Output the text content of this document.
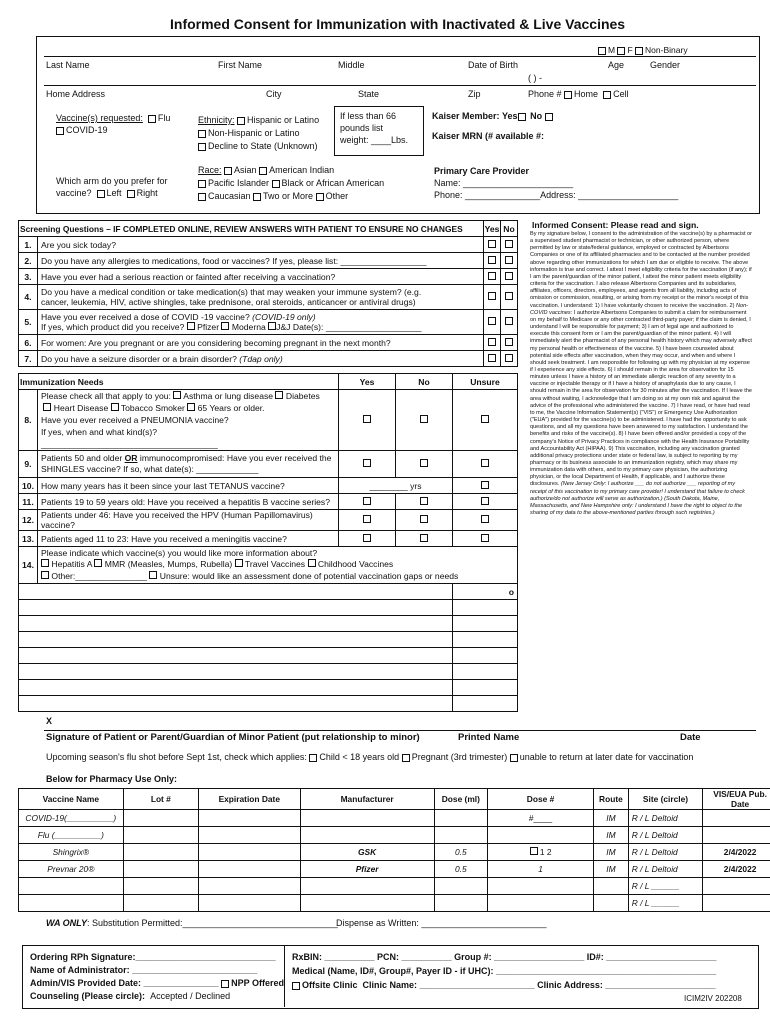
Informed Consent for Immunization with Inactivated & Live Vaccines
M F Non-Binary
Last Name	First Name	Middle	Date of Birth	Age	Gender
( ) -
Home Address	City	State	Zip	Phone # Home Cell
Vaccine(s) requested: Flu
COVID-19
Ethnicity: Hispanic or Latino
Non-Hispanic or Latino
Decline to State (Unknown)
If less than 66
pounds list
weight: ____Lbs.
Kaiser Member: Yes No
Kaiser MRN (# available #:
Race: Asian American Indian
Pacific Islander Black or African American
Caucasian Two or More Other
Which arm do you prefer for
vaccine? Left Right
Primary Care Provider
Name: ______________________
Phone: _______________Address: ____________________
Screening Questions – IF COMPLETED ONLINE, REVIEW ANSWERS WITH PATIENT TO ENSURE NO CHANGES		Yes	No
1.	Are you sick today?		
2.	Do you have any allergies to medications, food or vaccines? If yes, please list: __________________		
3.	Have you ever had a serious reaction or fainted after receiving a vaccination?		
4.	Do you have a medical condition or take medication(s) that may weaken your immune system? (e.g.
cancer, leukemia, HIV, active shingles, take prednisone, oral steroids, anticancer or antiviral drugs)		

5.	Have you ever received a dose of COVID -19 vaccine? (COVID-19 only)
If yes, which product did you receive? Pfizer Moderna J&J Date(s): ____________________		

6.	For women: Are you pregnant or are you considering becoming pregnant in the next month?		
7.	Do you have a seizure disorder or a brain disorder? (Tdap only)		
Immunization Needs		Yes	No	Unsure
8.	Please check all that apply to you: Asthma or lung disease Diabetes
Heart Disease Tobacco Smoker 65 Years or older.
Have you ever received a PNEUMONIA vaccine?
If yes, when and what kind(s)? _____________________________________			

9.	Patients 50 and older OR immunocompromised: Have you ever received the
SHINGLES vaccine? If so, what date(s): _____________			

10.	How many years has it been since your last TETANUS vaccine?	________ yrs		
11.	Patients 19 to 59 years old: Have you received a hepatitis B vaccine series?			
12.	Patients under 46: Have you received the HPV (Human Papillomavirus) vaccine?			
13.	Patients aged 11 to 23: Have you received a meningitis vaccine?			
14.	Please indicate which vaccine(s) you would like more information about?
Hepatitis A MMR (Measles, Mumps, Rubella) Travel Vaccines Childhood Vaccines
Other:_______________ Unsure: would like an assessment done of potential vaccination gaps or needs			

				o

Informed Consent: Please read and sign.
By my signature below, I consent to the administration of the vaccine(s) by a pharmacist or a supervised student pharmacist or technician, or other authorized person, where permitted by law or state/federal guidance, employed or contracted by Albertsons Companies or one of its affiliated pharmacies and to be contacted at the number provided above regarding other immunizations for which I am due or eligible to receive. The above information is true and correct. I attest I meet eligibility criteria for the vaccination (if any); if I am the parent/guardian of the minor patient, I attest the minor patient meets eligibility criteria for the vaccination. I also release Albertsons Companies and its subsidiaries, affiliates, officers, directors, employees, and agents from all liability, including acts of omission or commission, resulting, or arising from my receipt or the minor's receipt of this vaccination. I understand: 1) I have voluntarily chosen to receive the vaccination. 2) Non-COVID vaccines: I authorize Albertsons Companies to submit a claim for reimbursement on my behalf to Medicare or any other contracted third-party payer; if the claim is denied, I understand I will be responsible for payment; 3) I am of legal age and authorized to execute this consent form or I am the parent/guardian of the minor patient. 4) I will immediately alert the pharmacist of any personal health history which may adversely affect my personal health or effectiveness of the vaccine. 5) I have been counseled about potential side effects after vaccination, when they may occur, and when and where I should seek treatment. I am responsible for following up with my physician at my expense if I experience any side effects. 6) I should remain in the area for observation for 15 minutes unless I have a history of an immediate allergic reaction of any severity to a vaccine or injectable therapy or if I have a history of anaphylaxis due to any cause, I should remain in the area for observation for 30 minutes after the vaccination. If I leave the area without waiting, I acknowledge that I am doing so at my own risk and against the advice of the professional who administered the vaccine. 7) I have read, or have had read to me, the Vaccine Information Statement(s) ("VIS") or Emergency Use Authorization ("EUA") provided for the vaccine(s) to be administered. I have had the opportunity to ask questions, and all my questions have been answered to my satisfaction. I understand the benefits and risks of the vaccine(s). 8) I have been offered and/or provided a copy of the company's Notice of Privacy Practices in compliance with the Health Insurance Portability and Accountability Act (HIPAA). 9) This vaccination, including any vaccination granted additional privacy protections under state or federal law, is subject to reporting by my pharmacy or its business associate to an immunization registry, which may share my immunization data with others, and to my primary care physician, the authorizing physician, or the local Department of Health, if applicable, and I authorize these disclosures. (New Jersey Only: I authorize ___ do not authorize ___ reporting of my receipt of this vaccination to my primary care provider! I understand that failure to check authorize/do not authorize will serve as authorization.) (South Dakota, Maine, Massachusetts, and New Hampshire only: I understand I have the right to object to the sharing of my data to the above-mentioned parties through such registries.)
X
Signature of Patient or Parent/Guardian of Minor Patient (put relationship to minor)	Printed Name	Date
Upcoming season's flu shot before Sept 1st, check which applies: Child < 18 years old Pregnant (3rd trimester) unable to return at later date for vaccination
Below for Pharmacy Use Only:
Vaccine Name	Lot #	Expiration Date	Manufacturer	Dose (ml)	Dose #	Route	Site (circle)	VIS/EUA Pub. Date
COVID-19(__________)					#____	IM	R / L Deltoid	
Flu (__________)						IM	R / L Deltoid	
Shingrix®			GSK	0.5	1 2	IM	R / L Deltoid	2/4/2022
Prevnar 20®			Pfizer	0.5	1	IM	R / L Deltoid	2/4/2022
							R / L ______	
							R / L ______	
WA ONLY: Substitution Permitted:_______________________________
Dispense as Written: _________________________
Ordering RPh Signature:____________________________
Name of Administrator: _________________________
Admin/VIS Provided Date: _______________ NPP Offered
Counseling (Please circle): Accepted / Declined
RxBIN: __________ PCN: __________ Group #: __________________ ID#: ______________________
Medical (Name, ID#, Group#, Payer ID - if UHC): ____________________________________________
Offsite Clinic Clinic Name: _______________________ Clinic Address: ______________________
ICIM2IV 202208
